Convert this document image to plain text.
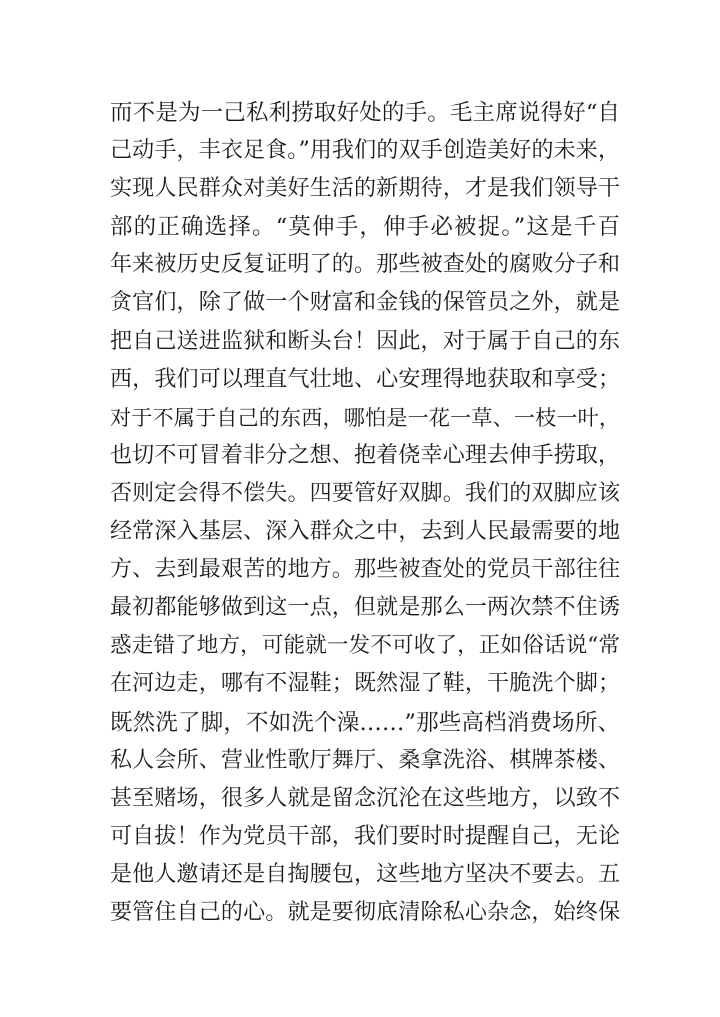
而不是为一己私利捞取好处的手。毛主席说得好“自
己动手，丰衣足食。”用我们的双手创造美好的未来，
实现人民群众对美好生活的新期待，才是我们领导干
部的正确选择。“莫伸手，伸手必被捉。”这是千百
年来被历史反复证明了的。那些被查处的腐败分子和
贪官们，除了做一个财富和金钱的保管员之外，就是
把自己送进监狱和断头台！因此，对于属于自己的东
西，我们可以理直气壮地、心安理得地获取和享受；
对于不属于自己的东西，哪怕是一花一草、一枝一叶，
也切不可冒着非分之想、抱着侥幸心理去伸手捞取，
否则定会得不偿失。四要管好双脚。我们的双脚应该
经常深入基层、深入群众之中，去到人民最需要的地
方、去到最艰苦的地方。那些被查处的党员干部往往
最初都能够做到这一点，但就是那么一两次禁不住诱
惑走错了地方，可能就一发不可收了，正如俗话说“常
在河边走，哪有不湿鞋；既然湿了鞋，干脆洗个脚；
既然洗了脚，不如洗个澡……”那些高档消费场所、
私人会所、营业性歌厅舞厅、桑拿洗浴、棋牌茶楼、
甚至赌场，很多人就是留念沉沦在这些地方，以致不
可自拔！作为党员干部，我们要时时提醒自己，无论
是他人邀请还是自掏腰包，这些地方坚决不要去。五
要管住自己的心。就是要彻底清除私心杂念，始终保
